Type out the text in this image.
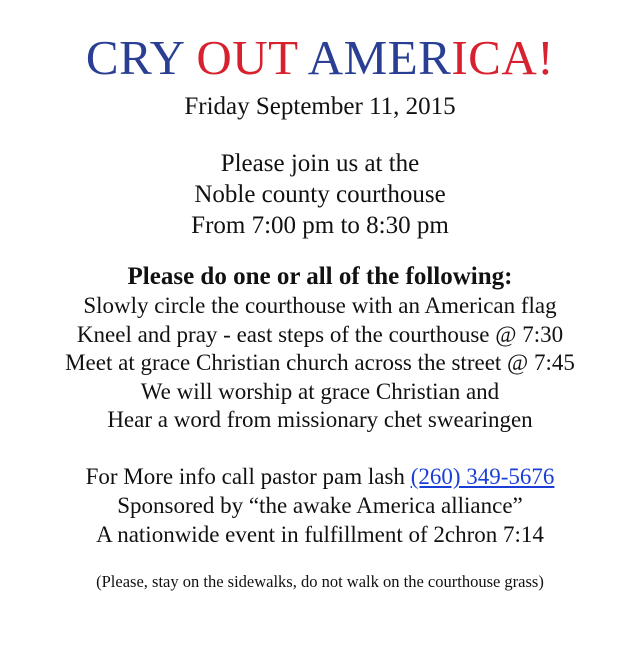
CRY OUT AMERICA!
Friday September 11, 2015
Please join us at the
Noble county courthouse
From 7:00 pm to 8:30 pm
Please do one or all of the following:
Slowly circle the courthouse with an American flag
Kneel and pray - east steps of the courthouse @ 7:30
Meet at grace Christian church across the street @ 7:45
We will worship at grace Christian and
Hear a word from missionary chet swearingen
For More info call pastor pam lash (260) 349-5676
Sponsored by “the awake America alliance”
A nationwide event in fulfillment of 2chron 7:14
(Please, stay on the sidewalks, do not walk on the courthouse grass)
